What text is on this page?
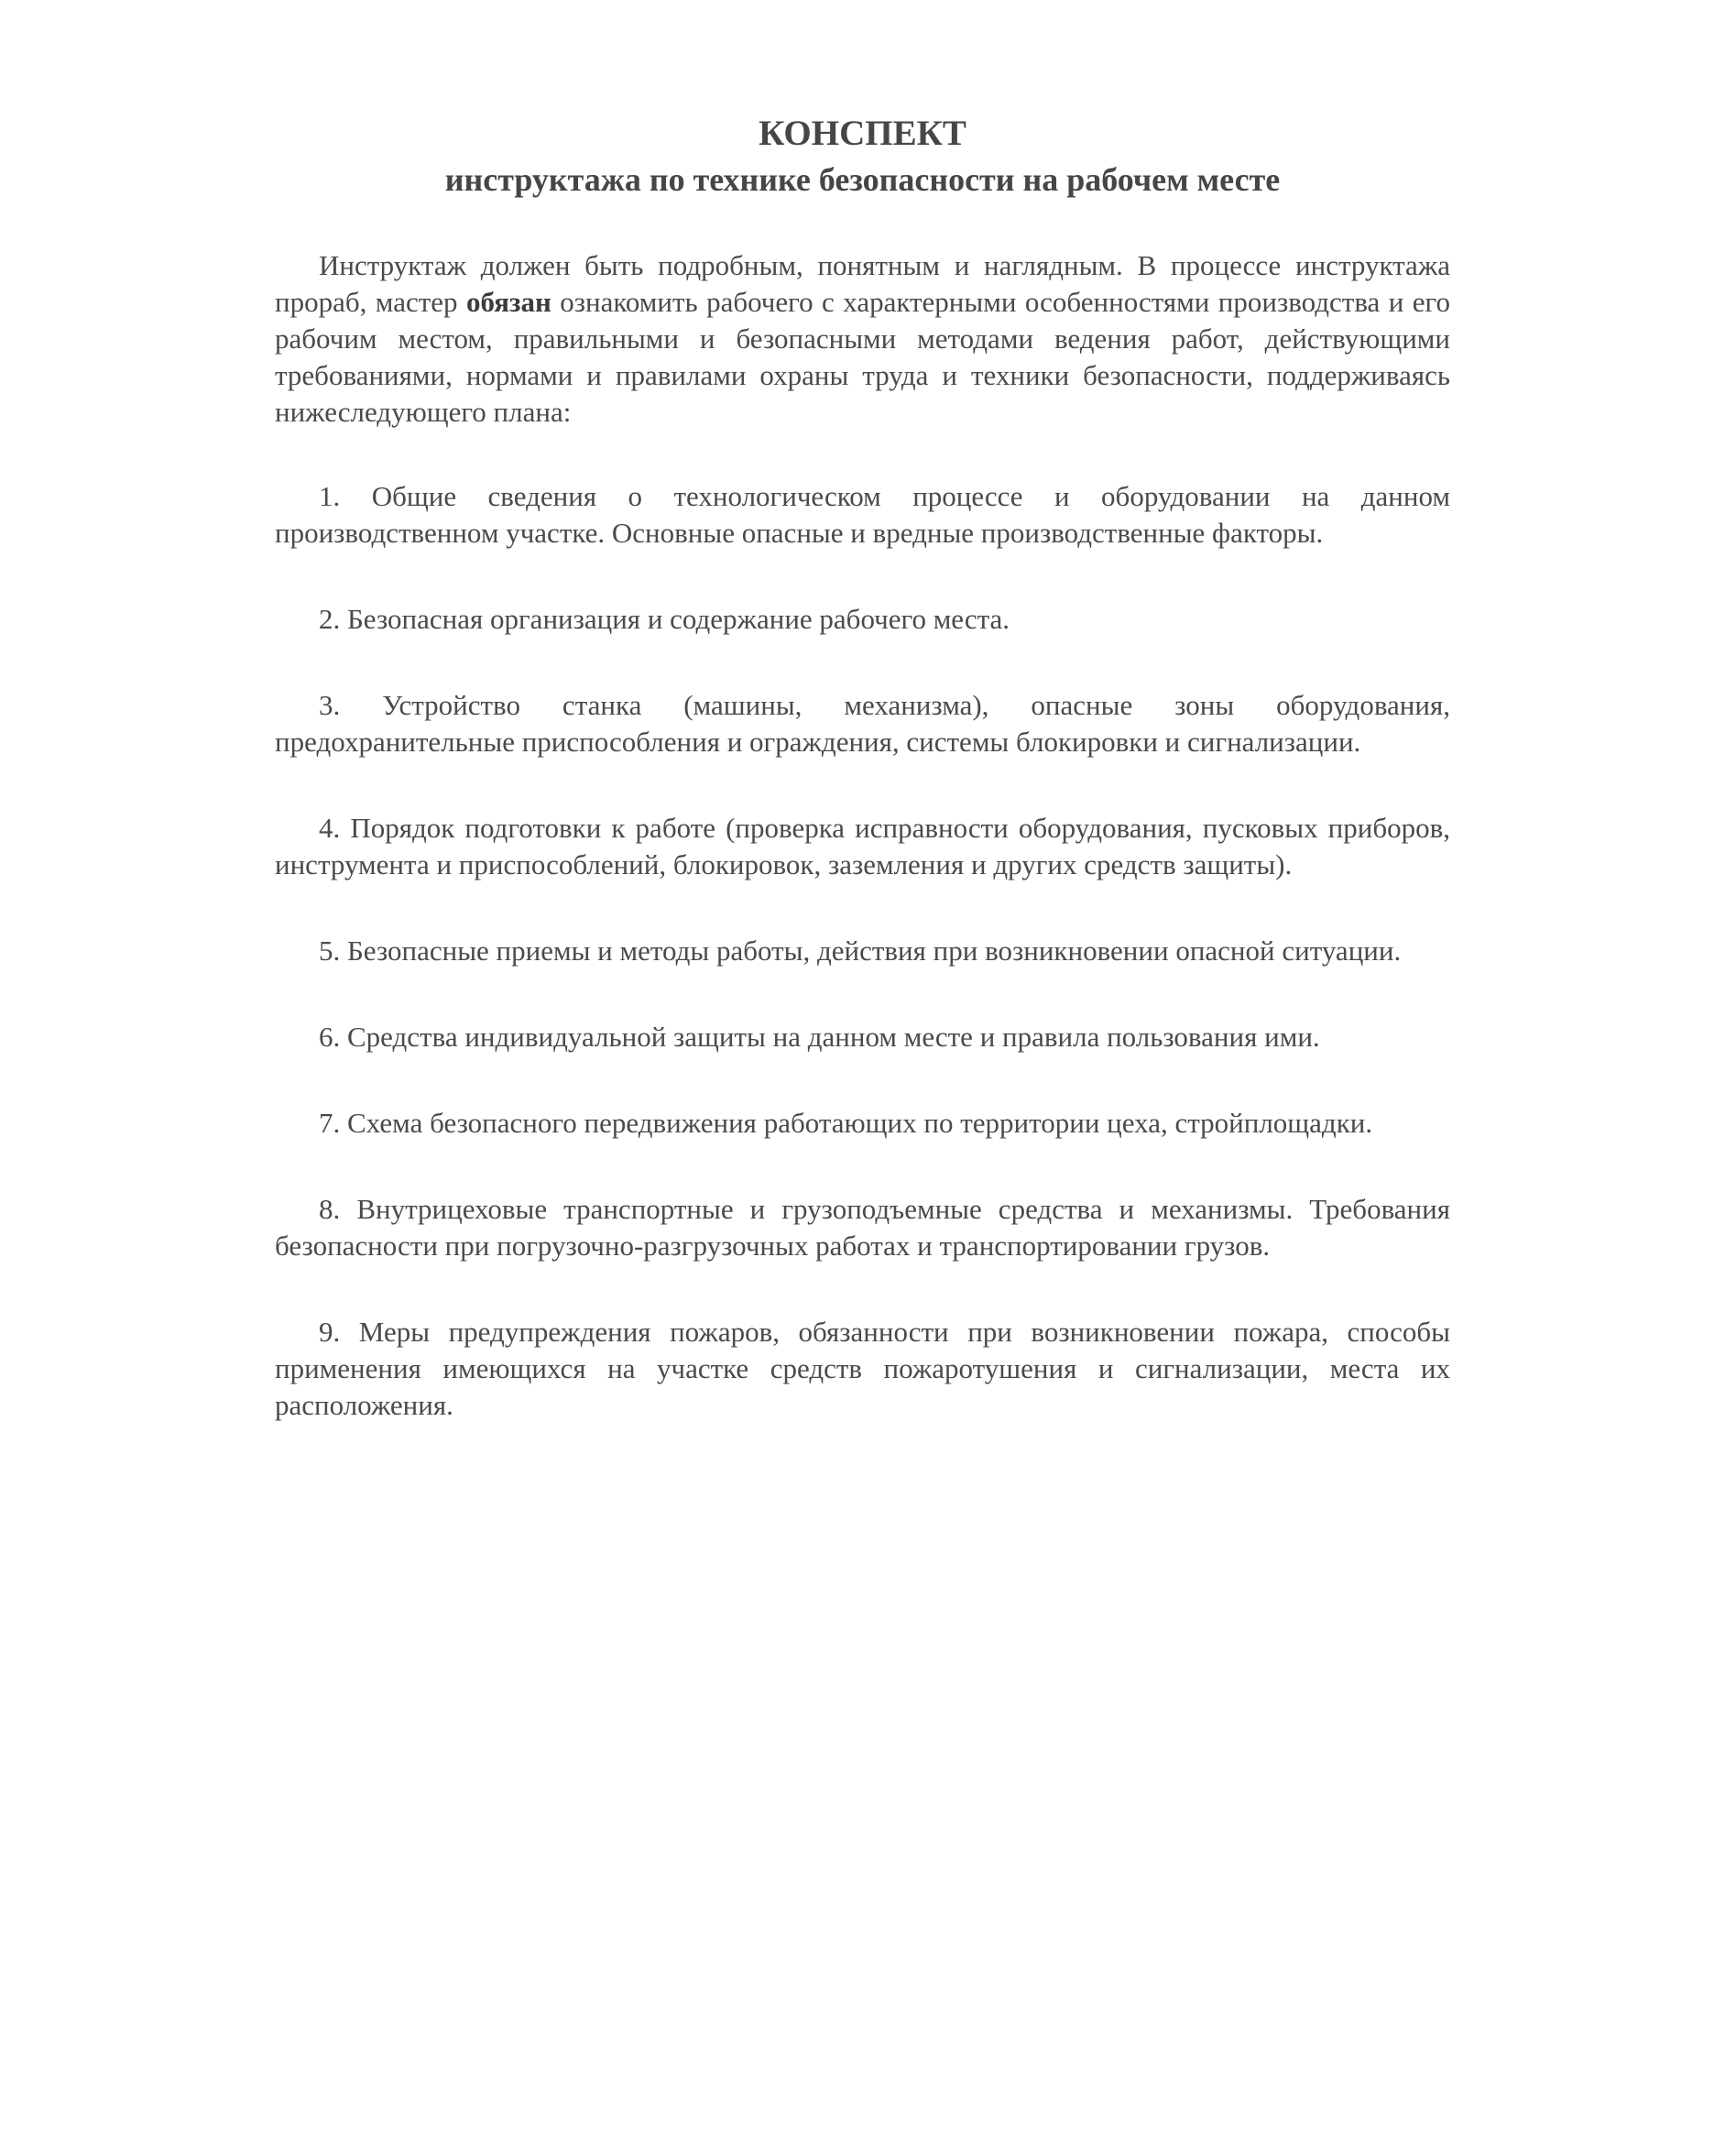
КОНСПЕКТ
инструктажа по технике безопасности на рабочем месте

Инструктаж должен быть подробным, понятным и наглядным. В процессе инструктажа прораб, мастер обязан ознакомить рабочего с характерными особенностями производства и его рабочим местом, правильными и безопасными методами ведения работ, действующими требованиями, нормами и правилами охраны труда и техники безопасности, поддерживаясь нижеследующего плана:

1. Общие сведения о технологическом процессе и оборудовании на данном производственном участке. Основные опасные и вредные производственные факторы.
2. Безопасная организация и содержание рабочего места.
3. Устройство станка (машины, механизма), опасные зоны оборудования, предохранительные приспособления и ограждения, системы блокировки и сигнализации.
4. Порядок подготовки к работе (проверка исправности оборудования, пусковых приборов, инструмента и приспособлений, блокировок, заземления и других средств защиты).
5. Безопасные приемы и методы работы, действия при возникновении опасной ситуации.
6. Средства индивидуальной защиты на данном месте и правила пользования ими.
7. Схема безопасного передвижения работающих по территории цеха, стройплощадки.
8. Внутрицеховые транспортные и грузоподъемные средства и механизмы. Требования безопасности при погрузочно-разгрузочных работах и транспортировании грузов.
9. Меры предупреждения пожаров, обязанности при возникновении пожара, способы применения имеющихся на участке средств пожаротушения и сигнализации, места их расположения.
